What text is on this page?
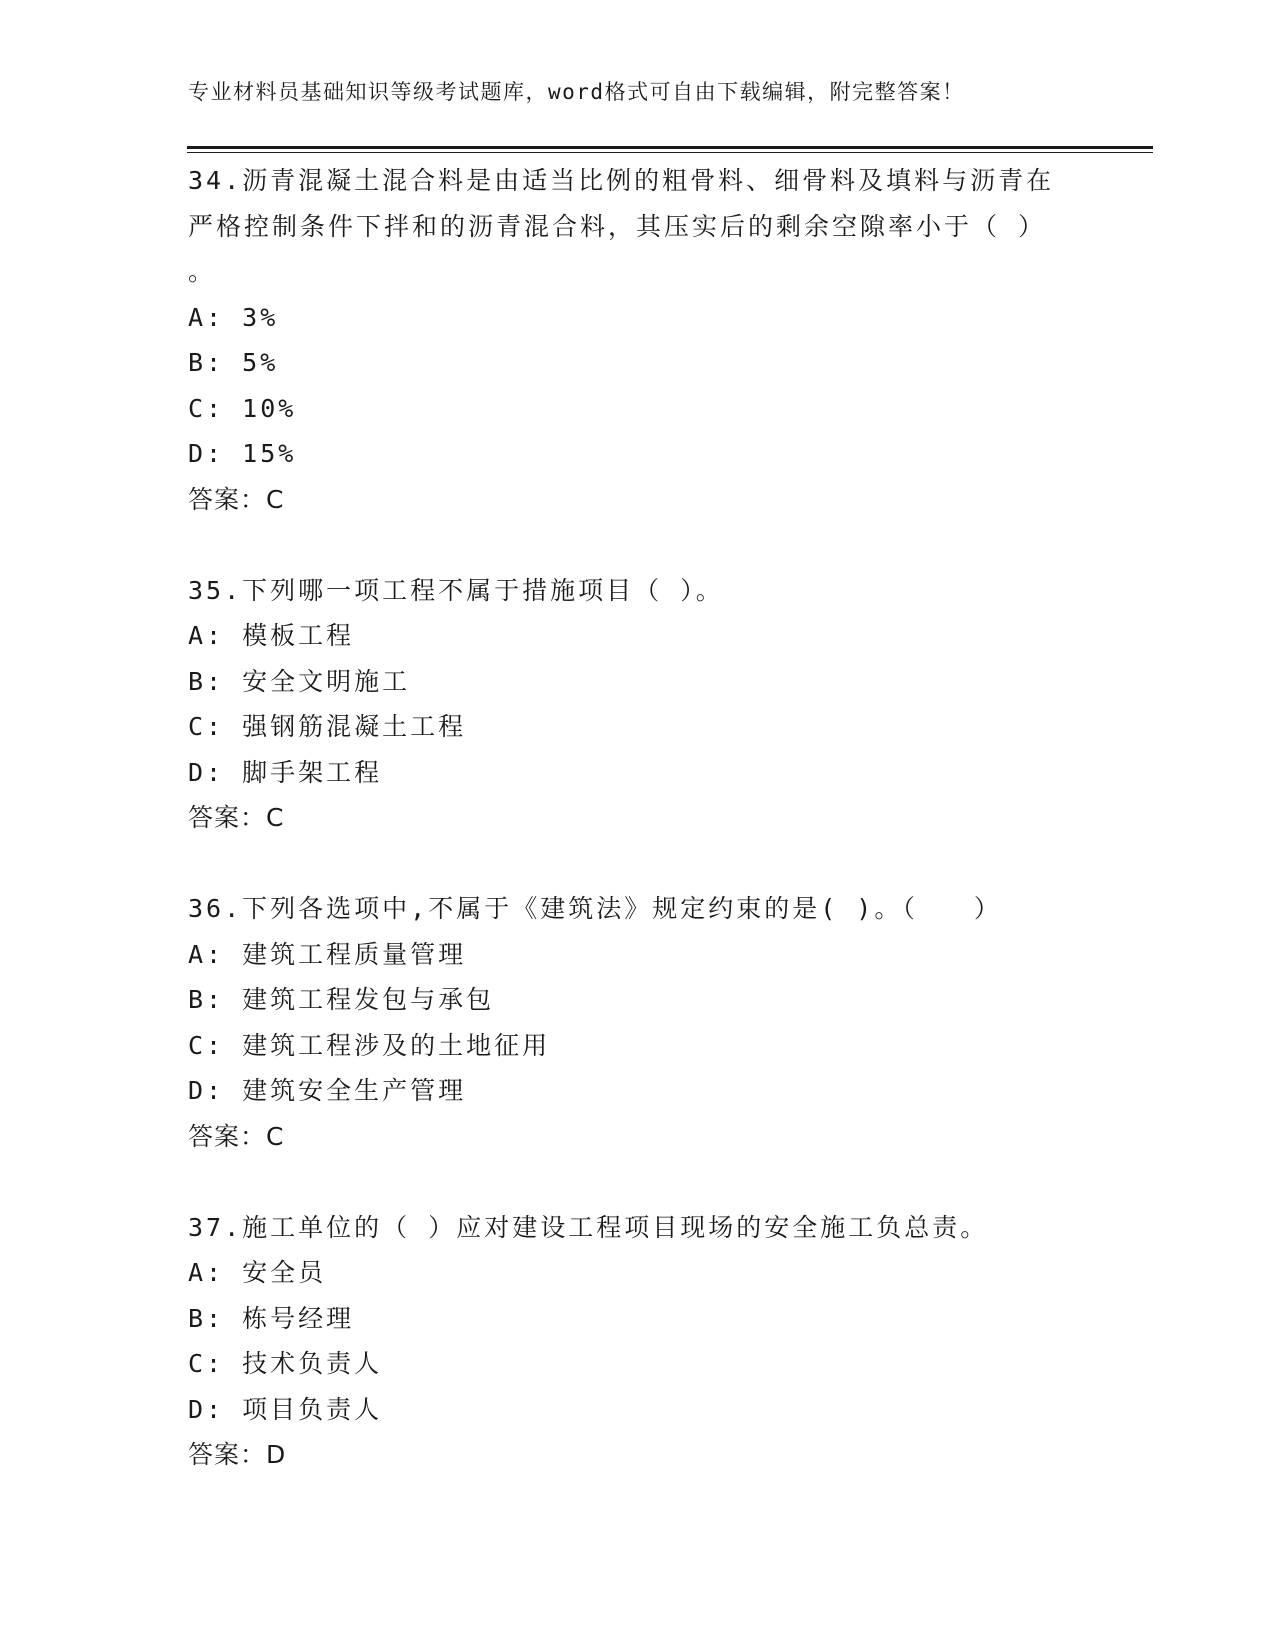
专业材料员基础知识等级考试题库，word格式可自由下载编辑，附完整答案！
34.沥青混凝土混合料是由适当比例的粗骨料、细骨料及填料与沥青在
严格控制条件下拌和的沥青混合料，其压实后的剩余空隙率小于（ ）
。
A: 3%
B: 5%
C: 10%
D: 15%
答案：C
35.下列哪一项工程不属于措施项目（ ）。
A: 模板工程
B: 安全文明施工
C: 强钢筋混凝土工程
D: 脚手架工程
答案：C
36.下列各选项中,不属于《建筑法》规定约束的是( )。（　　）
A: 建筑工程质量管理
B: 建筑工程发包与承包
C: 建筑工程涉及的土地征用
D: 建筑安全生产管理
答案：C
37.施工单位的（ ）应对建设工程项目现场的安全施工负总责。
A: 安全员
B: 栋号经理
C: 技术负责人
D: 项目负责人
答案：D
